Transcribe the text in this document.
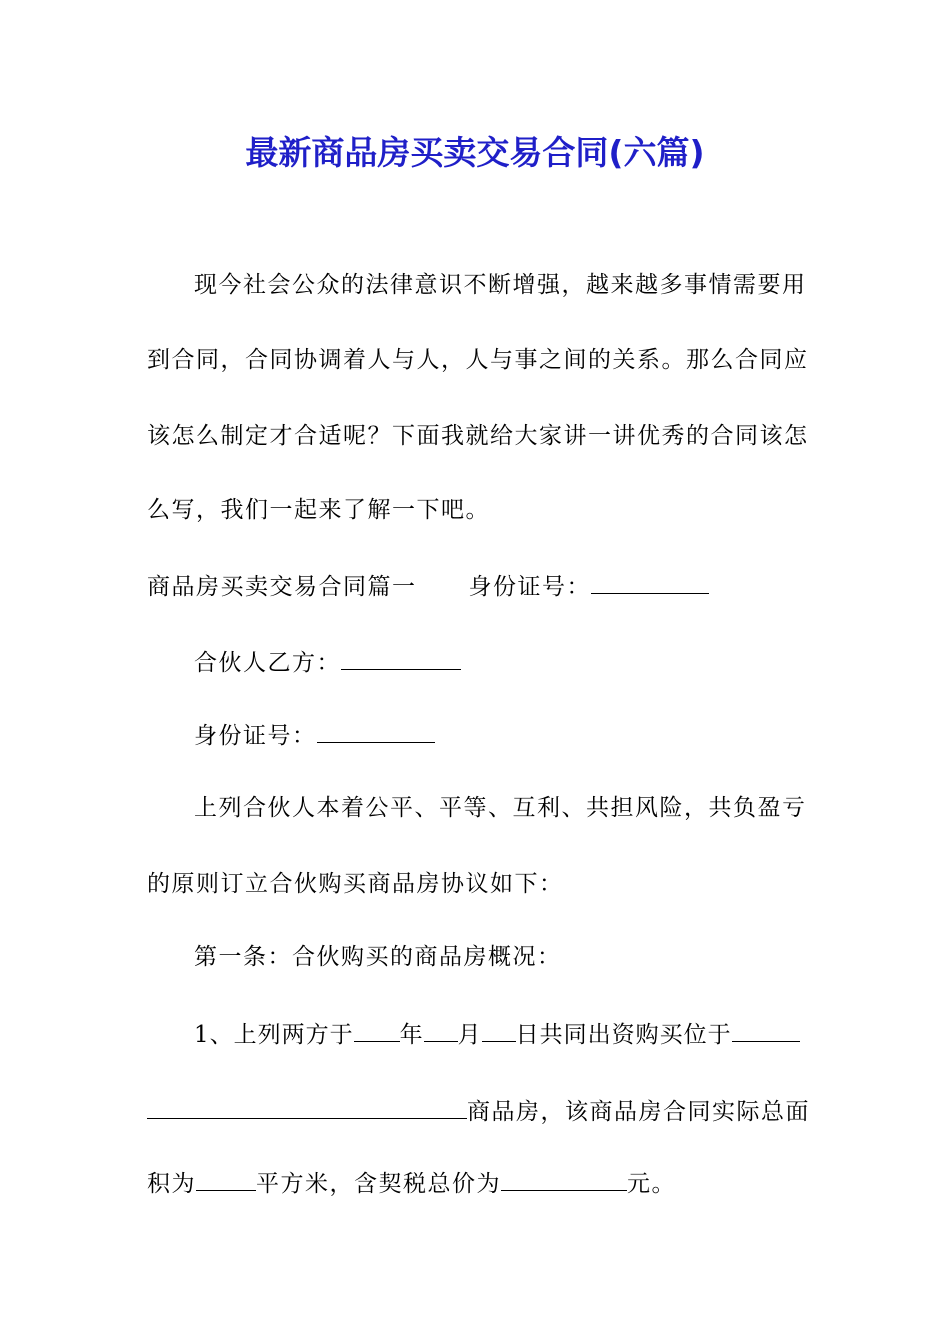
最新商品房买卖交易合同(六篇)
现今社会公众的法律意识不断增强，越来越多事情需要用
到合同，合同协调着人与人，人与事之间的关系。那么合同应
该怎么制定才合适呢？下面我就给大家讲一讲优秀的合同该怎
么写，我们一起来了解一下吧。
商品房买卖交易合同篇一 身份证号：
合伙人乙方：
身份证号：
上列合伙人本着公平、平等、互利、共担风险，共负盈亏
的原则订立合伙购买商品房协议如下：
第一条：合伙购买的商品房概况：
1、上列两方于 年 月 日共同出资购买位于
商品房，该商品房合同实际总面
积为	平方米，含契税总价为	元。
